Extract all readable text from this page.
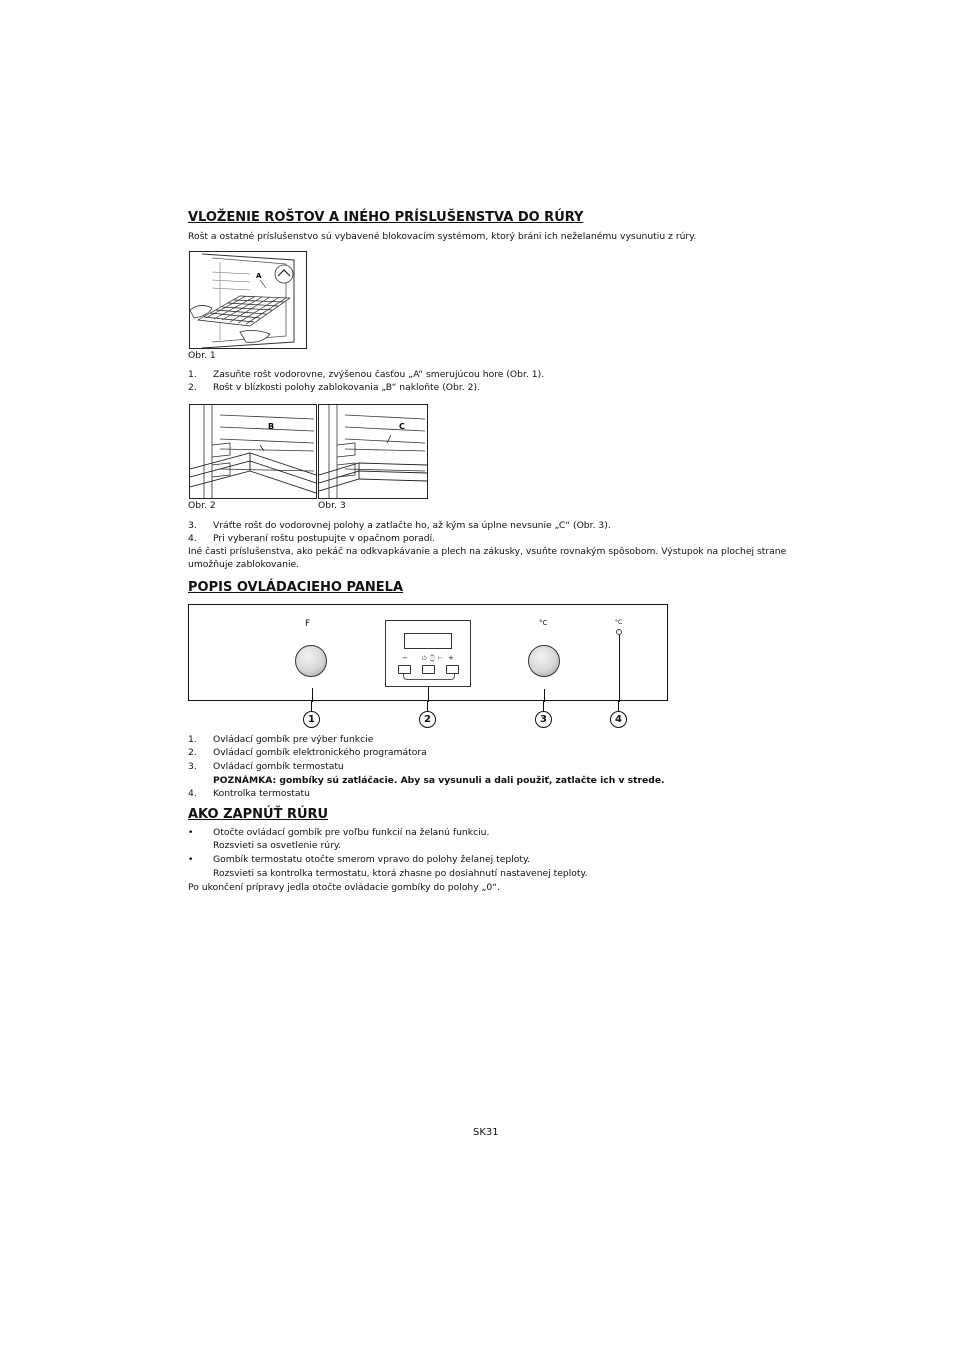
VLOŽENIE ROŠTOV A INÉHO PRÍSLUŠENSTVA DO RÚRY
Rošt a ostatné príslušenstvo sú vybavené blokovacím systémom, ktorý bráni ich neželanému vysunutiu z rúry.
A
Obr. 1
1. Zasuňte rošt vodorovne, zvýšenou časťou „A“ smerujúcou hore (Obr. 1).
2. Rošt v blízkosti polohy zablokovania „B“ nakloňte (Obr. 2).
B	C
Obr. 2	Obr. 3
3. Vráťte rošt do vodorovnej polohy a zatlačte ho, až kým sa úplne nevsunie „C“ (Obr. 3).
4. Pri vyberaní roštu postupujte v opačnom poradí.
Iné časti príslušenstva, ako pekáč na odkvapkávanie a plech na zákusky, vsuňte rovnakým spôsobom. Výstupok na plochej strane
umožňuje zablokovanie.
POPIS OVLÁDACIEHO PANELA
F
− ⏻ ⌚ ⊢ +
°C	°C
1	2	3	4
1. Ovládací gombík pre výber funkcie
2. Ovládací gombík elektronického programátora
3. Ovládací gombík termostatu
POZNÁMKA: gombíky sú zatláčacie. Aby sa vysunuli a dali použiť, zatlačte ich v strede.
4. Kontrolka termostatu
AKO ZAPNÚŤ RÚRU
• Otočte ovládací gombík pre voľbu funkcií na želanú funkciu.
Rozsvieti sa osvetlenie rúry.
• Gombík termostatu otočte smerom vpravo do polohy želanej teploty.
Rozsvieti sa kontrolka termostatu, ktorá zhasne po dosiahnutí nastavenej teploty.
Po ukončení prípravy jedla otočte ovládacie gombíky do polohy „0“.
SK31
